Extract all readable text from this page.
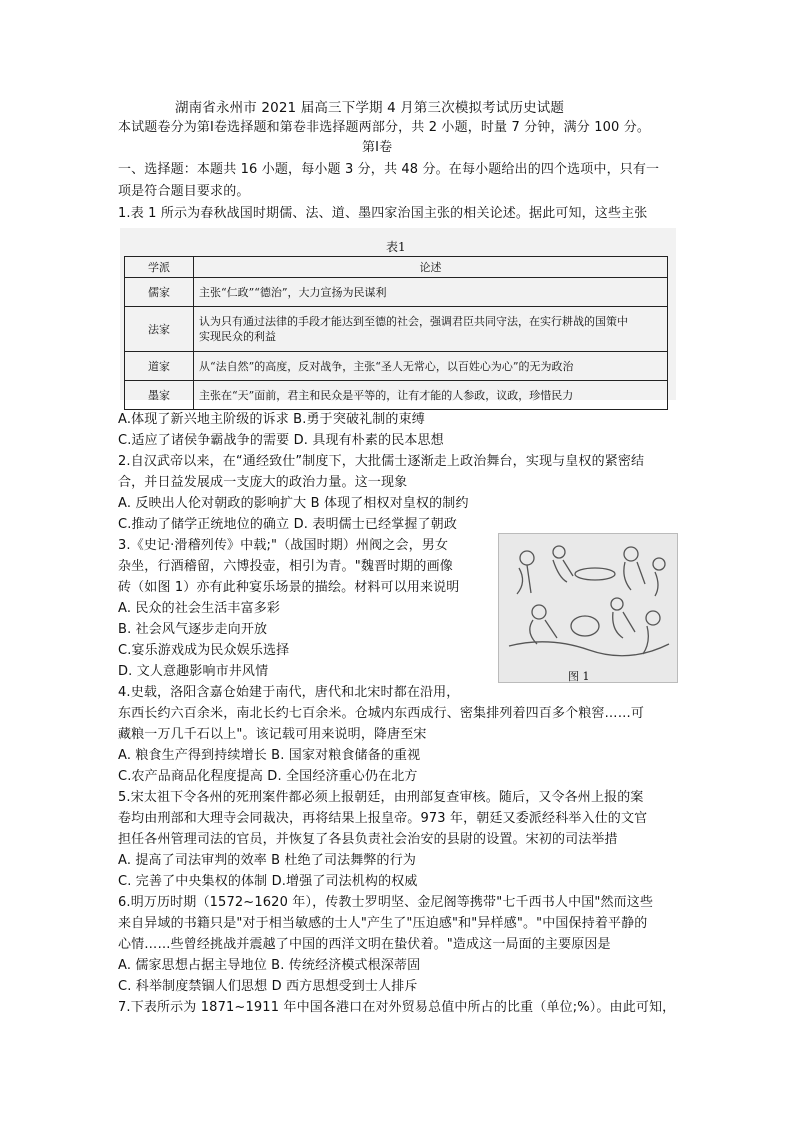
湖南省永州市 2021 届高三下学期 4 月第三次模拟考试历史试题
本试题卷分为第Ⅰ卷选择题和第卷非选择题两部分，共 2 小题，时量 7 分钟，满分 100 分。
第Ⅰ卷
一、选择题：本题共 16 小题，每小题 3 分，共 48 分。在每小题给出的四个选项中，只有一
项是符合题目要求的。
1.表 1 所示为春秋战国时期儒、法、道、墨四家治国主张的相关论述。据此可知，这些主张
表1
学派	论述
儒家	主张“仁政”“德治”，大力宣扬为民谋利
法家	认为只有通过法律的手段才能达到至德的社会，强调君臣共同守法，在实行耕战的国策中
实现民众的利益

道家	从“法自然”的高度，反对战争，主张“圣人无常心，以百姓心为心”的无为政治
墨家	主张在“天”面前，君主和民众是平等的，让有才能的人参政，议政，珍惜民力
A.体现了新兴地主阶级的诉求 B.勇于突破礼制的束缚
C.适应了诸侯争霸战争的需要 D. 具现有朴素的民本思想
2.自汉武帝以来，在“通经致仕”制度下，大批儒士逐渐走上政治舞台，实现与皇权的紧密结
合，并日益发展成一支庞大的政治力量。这一现象
A. 反映出人伦对朝政的影响扩大 B 体现了相权对皇权的制约
C.推动了储学正统地位的确立 D. 表明儒士已经掌握了朝政
3.《史记·滑稽列传》中载;"（战国时期）州阀之会，男女
杂坐，行酒稽留，六博投壶，相引为青。"魏晋时期的画像
砖（如图 1）亦有此种宴乐场景的描绘。材料可以用来说明
A. 民众的社会生活丰富多彩
B. 社会风气逐步走向开放
C.宴乐游戏成为民众娱乐选择
D. 文人意趣影响市井风情	图 1
4.史载，洛阳含嘉仓始建于南代，唐代和北宋时都在沿用，
东西长约六百余米，南北长约七百余米。仓城内东西成行、密集排列着四百多个粮窖……可
藏粮一万几千石以上"。该记载可用来说明，降唐至宋
A. 粮食生产得到持续增长 B. 国家对粮食储备的重视
C.农产品商品化程度提高 D. 全国经济重心仍在北方
5.宋太祖下令各州的死刑案件都必须上报朝廷，由刑部复查审核。随后，又令各州上报的案
卷均由刑部和大理寺会同裁决，再将结果上报皇帝。973 年，朝廷又委派经科举入仕的文官
担任各州管理司法的官员，并恢复了各县负责社会治安的县尉的设置。宋初的司法举措
A. 提高了司法审判的效率 B 杜绝了司法舞弊的行为
C. 完善了中央集权的体制 D.增强了司法机构的权威
6.明万历时期（1572~1620 年），传教士罗明坚、金尼阁等携带"七千西书人中国"然而这些
来自异域的书籍只是"对于相当敏感的士人"产生了"压迫感"和"异样感"。"中国保持着平静的
心情……些曾经挑战并震越了中国的西洋文明在蛰伏着。"造成这一局面的主要原因是
A. 儒家思想占据主导地位 B. 传统经济模式根深蒂固
C. 科举制度禁锢人们思想 D 西方思想受到士人排斥
7.下表所示为 1871~1911 年中国各港口在对外贸易总值中所占的比重（单位;%）。由此可知，
